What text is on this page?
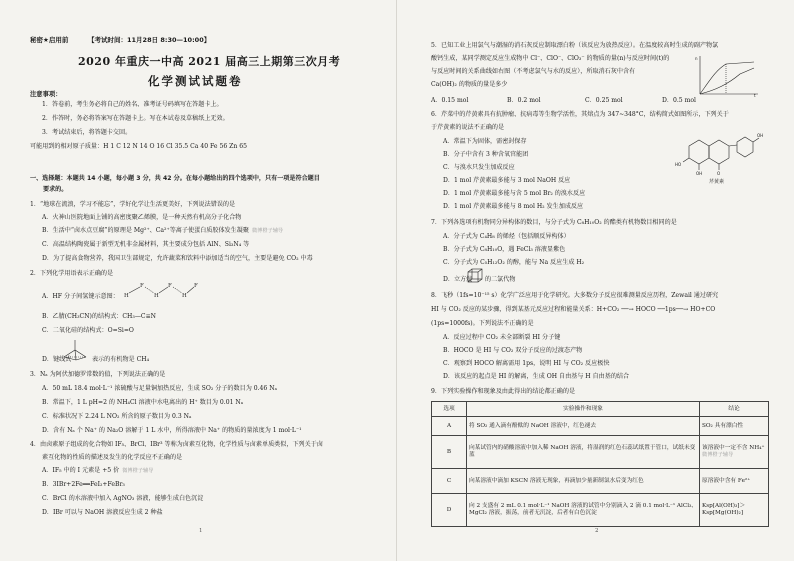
秘密★启用前	【考试时间：11月28日 8:30—10:00】
2020 年重庆一中高 2021 届高三上期第三次月考
化学测试试题卷
注意事项：
1．答卷前，考生务必将自己的姓名、准考证号码填写在答题卡上。
2．作答时，务必将答案写在答题卡上。写在本试卷及草稿纸上无效。
3．考试结束后，将答题卡交回。
可能用到的相对原子质量：H 1 C 12 N 14 O 16 Cl 35.5 Ca 40 Fe 56 Zn 65
一、选择题：本题共 14 小题，每小题 3 分，共 42 分。在每小题给出的四个选项中，只有一项是符合题目
要求的。
1．“地球在流浪，学习不能忘”，学好化学让生活更美好，下列说法错误的是
A．火神山医院地面上铺的高密度聚乙烯膜，是一种天然有机高分子化合物
B．生活中“卤水点豆腐”的原理是 Mg²⁺、Ca²⁺等离子使蛋白质胶体发生凝聚 微博橙子辅导
C．高温结构陶瓷属于新型无机非金属材料，其主要成分包括 AlN、Si₃N₄ 等
D．为了提高食物营养，我国卫生部规定，允许蔬菜和饮料中添加适当的空气，主要是避免 CO₂ 中毒
2．下列化学用语表示正确的是
A．HF 分子间氢键示意图： H
F
H
F
H
F
B．乙腈(CH₃CN)的结构式：CH₃—C≡N
C．二氧化硅的结构式：O=Si=O
D．键线式	表示的有机物是 CH₄
3．Nₐ 为阿伏加德罗常数的值，下列说法正确的是
A．50 mL 18.4 mol·L⁻¹ 浓硫酸与足量铜加热反应，生成 SO₂ 分子的数目为 0.46 Nₐ
B．常温下，1 L pH=2 的 NH₄Cl 溶液中水电离出的 H⁺ 数目为 0.01 Nₐ
C．标准状况下 2.24 L NO₂ 所含的原子数目为 0.3 Nₐ
D．含有 Nₐ 个 Na⁺ 的 Na₂O 溶解于 1 L 水中，所得溶液中 Na⁺ 的物质的量浓度为 1 mol·L⁻¹
4．由卤素原子组成的化合物如 IF₅、BrCl、IBr³ 等称为卤素互化物，化学性质与卤素单质类似，下列关于卤
素互化物的性质的描述及发生的化学反应不正确的是
A．IF₅ 中的 I 元素是 +5 价 微博橙子辅导
B．3IBr+2Fe══FeI₂+FeBr₃
C．BrCl 的水溶液中加入 AgNO₃ 溶液，能够生成白色沉淀
D．IBr 可以与 NaOH 溶液反应生成 2 种盐
1
5．已知工业上用氯气与潮湿的消石灰反应制取漂白粉（该反应为放热反应）。在温度较高时生成的副产物氯
酸钙生成，某同学测定反应生成物中 Cl⁻、ClO⁻、ClO₃⁻ 的物质的量(n)与反应时间(t)的
与反应时间的关系曲线如右图（不考虑氯气与水的反应），所取消石灰中含有
Ca(OH)₂ 的物质的量是多少
A．0.15 mol	B．0.2 mol	C．0.25 mol	D．0.5 mol
n
t
6．芹菜中的芹黄素具有抗肿瘤、抗病毒等生物学活性，其熔点为 347~348°C，结构简式如图所示，下列关于
于芹黄素的说法不正确的是
A．常温下为固体，需密封保存
B．分子中含有 3 种含氧官能团
C．与溴水只发生加成反应
D．1 mol 芹黄素最多能与 3 mol NaOH 反应
D．1 mol 芹黄素最多能与含 5 mol Br₂ 的溴水反应
D．1 mol 芹黄素最多能与 8 mol H₂ 发生加成反应
HO
OH	O
OH
芹黄素
7．下列各选项有机物同分异构体的数目，与分子式为 C₈H₁₀O₂ 的酯类有机物数目相同的是
A．分子式为 C₄H₈ 的烯烃（包括顺反异构体）
B．分子式为 C₈H₁₀O，遇 FeCl₃ 溶液显紫色
C．分子式为 C₅H₁₂O₂ 的醇，能与 Na 反应生成 H₂
D．立方烷 的二氯代物
8．飞秒（1fs=10⁻¹⁵ s）化学广泛应用于化学研究。大多数分子反应很难测量反应历程，Zewail 通过研究
HI 与 CO₂ 反应的某步骤，得到某基元反应过程和能量关系：H+CO₂ ──→ HOCO ──1ps──→ HO+CO
(1ps=1000fs)。下列说法不正确的是
A．反应过程中 CO₂ 未全部断裂 HI 分子键
B．HOCO 是 HI 与 CO₂ 双分子反应的过渡态产物
C．观察到 HOCO 解离需用 1ps，说明 HI 与 CO₂ 反应极快
D．该反应的起点是 HI 的解离，生成 OH 自由基与 H 自由基的结合
9．下列实验操作和现象及由此得出的结论都正确的是
选项	实验操作和现象	结论
A	将 SO₂ 通入滴有酚酞的 NaOH 溶液中，红色褪去	SO₂ 具有漂白性
B	向某试管内的硝酸溶液中加入稀 NaOH 溶液，将湿润的红色石蕊试纸置于管口，试纸未变蓝	该溶液中一定不含 NH₄⁺
微博橙子辅导
C	向某溶液中滴加 KSCN 溶液无现象，再滴加少量新制氯水后变为红色	原溶液中含有 Fe²⁺
D	向 2 支盛有 2 mL 0.1 mol·L⁻¹ NaOH 溶液的试管中分别滴入 2 滴 0.1 mol·L⁻¹ AlCl₃、MgCl₂ 溶液，振荡，前者无沉淀，后者有白色沉淀	Ksp[Al(OH)₃]＞ Ksp[Mg(OH)₂]
2
